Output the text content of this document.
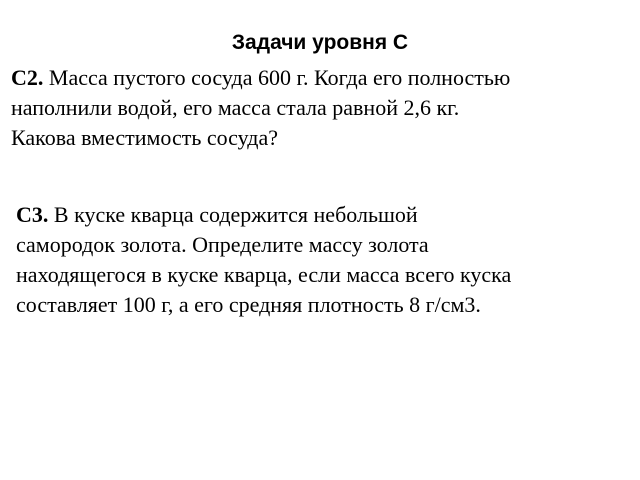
Задачи уровня С
С2. Масса пустого сосуда 600 г. Когда его полностью
наполнили водой, его масса стала равной 2,6 кг.
Какова вместимость сосуда?
С3. В куске кварца содержится небольшой
самородок золота. Определите массу золота
находящегося в куске кварца, если масса всего куска
составляет 100 г, а его средняя плотность 8 г/см3.
